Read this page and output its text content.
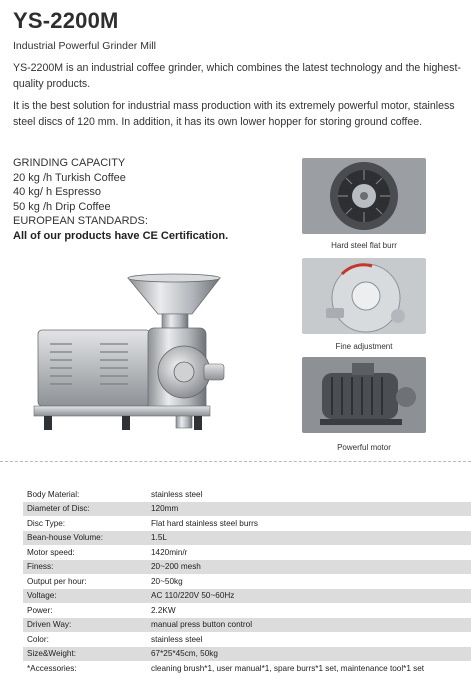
YS-2200M
Industrial Powerful Grinder Mill
YS-2200M is an industrial coffee grinder, which combines the latest technology and the highest-quality products.
It is the best solution for industrial mass production with its extremely powerful motor, stainless steel discs of 120 mm. In addition, it has its own lower hopper for storing ground coffee.
GRINDING CAPACITY
20 kg /h Turkish Coffee
40 kg/ h Espresso
50 kg /h Drip Coffee
EUROPEAN STANDARDS:
All of our products have CE Certification.
Hard steel flat burr
Fine adjustment
Powerful motor
Body Material:	stainless steel
Diameter of Disc:	120mm
Disc Type:	Flat hard stainless steel burrs
Bean-house Volume:	1.5L
Motor speed:	1420min/r
Finess:	20~200 mesh
Output per hour:	20~50kg
Voltage:	AC 110/220V 50~60Hz
Power:	2.2KW
Driven Way:	manual press button control
Color:	stainless steel
Size&Weight:	67*25*45cm, 50kg
*Accessories:	cleaning brush*1, user manual*1, spare burrs*1 set, maintenance tool*1 set
